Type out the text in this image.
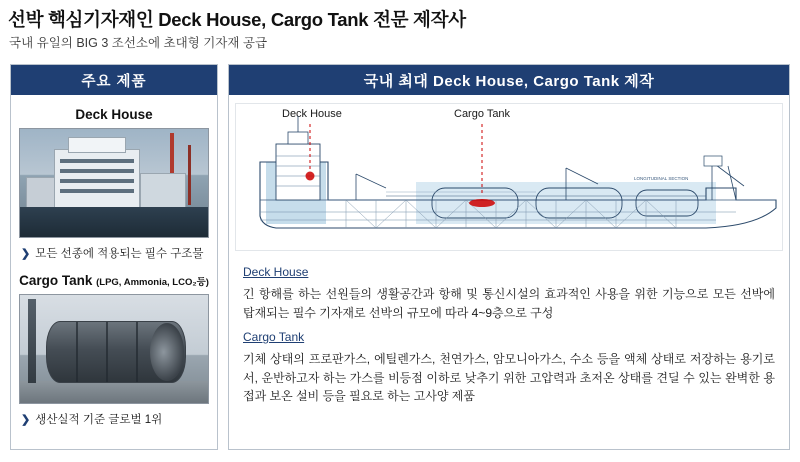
선박 핵심기자재인 Deck House, Cargo Tank 전문 제작사
국내 유일의 BIG 3 조선소에 초대형 기자재 공급
주요 제품
Deck House
❯ 모든 선종에 적용되는 필수 구조물
Cargo Tank (LPG, Ammonia, LCO₂등)
❯ 생산실적 기준 글로벌 1위
국내 최대 Deck House, Cargo Tank 제작
Deck House	Cargo Tank
LONGITUDINAL SECTION
Deck House
긴 항해를 하는 선원들의 생활공간과 항해 및 통신시설의 효과적인 사용을 위한 기능으로 모든 선박에 탑재되는 필수 기자재로 선박의 규모에 따라 4~9층으로 구성
Cargo Tank
기체 상태의 프로판가스, 에틸렌가스, 천연가스, 암모니아가스, 수소 등을 액체 상태로 저장하는 용기로서, 운반하고자 하는 가스를 비등점 이하로 낮추기 위한 고압력과 초저온 상태를 견딜 수 있는 완벽한 용접과 보온 설비 등을 필요로 하는 고사양 제품
